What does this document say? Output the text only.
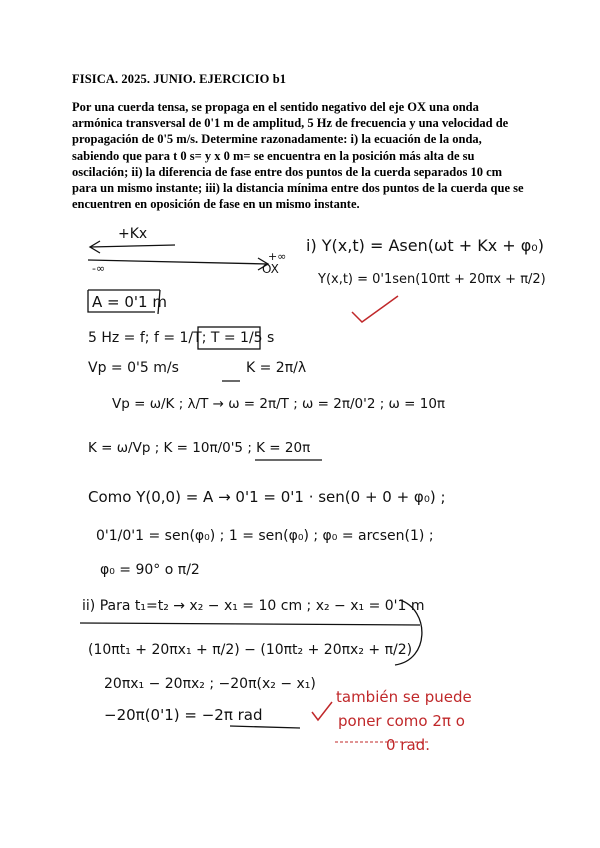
FISICA. 2025. JUNIO. EJERCICIO b1
Por una cuerda tensa, se propaga en el sentido negativo del eje OX una onda armónica transversal de 0'1 m de amplitud, 5 Hz de frecuencia y una velocidad de propagación de 0'5 m/s. Determine razonadamente: i) la ecuación de la onda, sabiendo que para t 0 s= y x 0 m= se encuentra en la posición más alta de su oscilación; ii) la diferencia de fase entre dos puntos de la cuerda separados 10 cm para un mismo instante; iii) la distancia mínima entre dos puntos de la cuerda que se encuentren en oposición de fase en un mismo instante.
+Kx
-∞
+∞
OX
i) Y(x,t) = Asen(ωt + Kx + φ₀)
Y(x,t) = 0'1sen(10πt + 20πx + π/2)
A = 0'1 m
5 Hz = f; f = 1/T; T = 1/5 s
Vp = 0'5 m/s	K = 2π/λ
Vp = ω/K ; λ/T → ω = 2π/T ; ω = 2π/0'2 ; ω = 10π
K = ω/Vp ; K = 10π/0'5 ; K = 20π
Como Y(0,0) = A → 0'1 = 0'1 · sen(0 + 0 + φ₀) ;
0'1/0'1 = sen(φ₀) ; 1 = sen(φ₀) ; φ₀ = arcsen(1) ;
φ₀ = 90° o π/2
ii) Para t₁=t₂ → x₂ − x₁ = 10 cm ; x₂ − x₁ = 0'1 m
(10πt₁ + 20πx₁ + π/2) − (10πt₂ + 20πx₂ + π/2)
20πx₁ − 20πx₂ ; −20π(x₂ − x₁)
−20π(0'1) = −2π rad
también se puede
poner como 2π o
0 rad.
